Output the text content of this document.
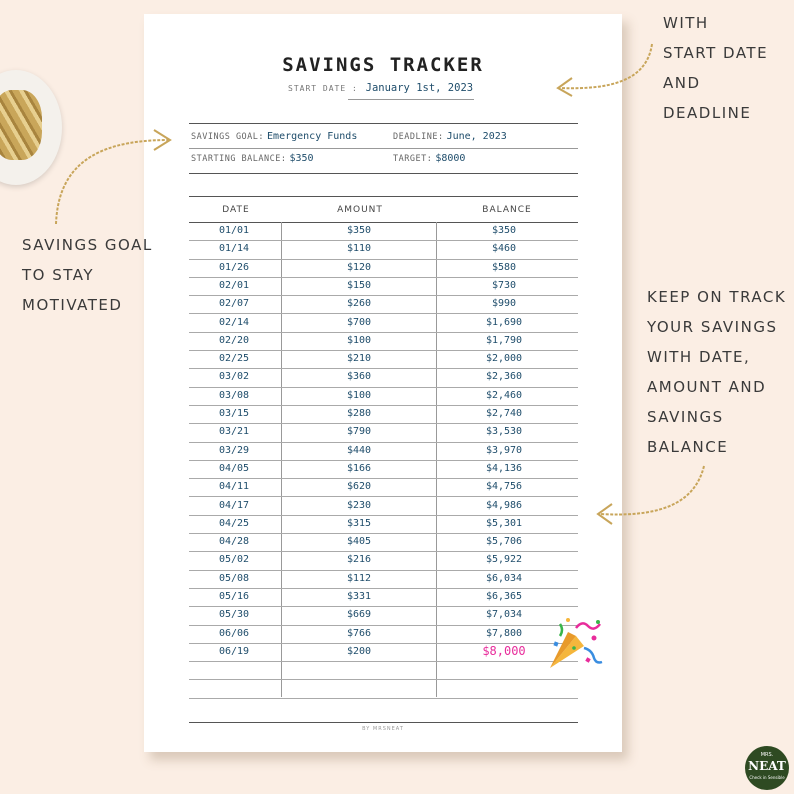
SAVINGS TRACKER
START DATE : January 1st, 2023
SAVINGS GOAL: Emergency Funds	DEADLINE: June, 2023
STARTING BALANCE: $350	TARGET: $8000
DATE	AMOUNT	BALANCE
01/01	$350	$350
01/14	$110	$460
01/26	$120	$580
02/01	$150	$730
02/07	$260	$990
02/14	$700	$1,690
02/20	$100	$1,790
02/25	$210	$2,000
03/02	$360	$2,360
03/08	$100	$2,460
03/15	$280	$2,740
03/21	$790	$3,530
03/29	$440	$3,970
04/05	$166	$4,136
04/11	$620	$4,756
04/17	$230	$4,986
04/25	$315	$5,301
04/28	$405	$5,706
05/02	$216	$5,922
05/08	$112	$6,034
05/16	$331	$6,365
05/30	$669	$7,034
06/06	$766	$7,800
06/19	$200	$8,000
BY MRSNEAT
WITH
START DATE
AND
DEADLINE
SAVINGS GOAL
TO STAY
MOTIVATED	KEEP ON TRACK
YOUR SAVINGS
WITH DATE,
AMOUNT AND
SAVINGS
BALANCE
MRS.
NEAT
Check in Sensible
